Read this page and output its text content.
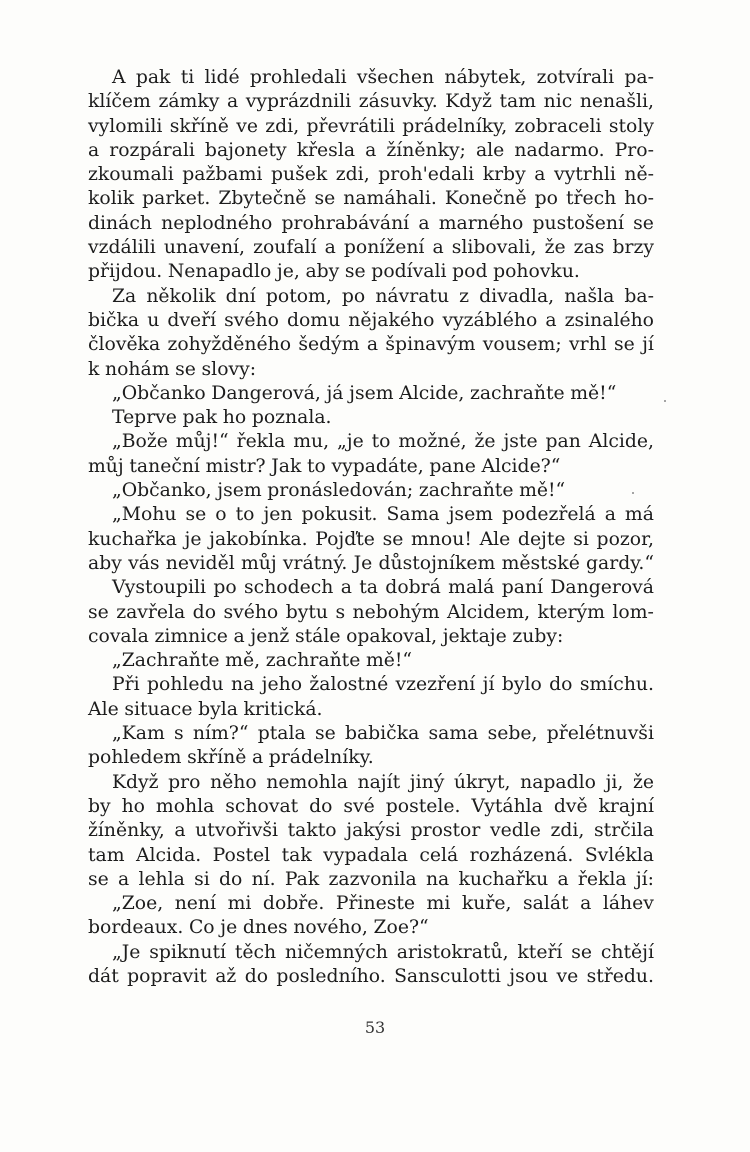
A pak ti lidé prohledali všechen nábytek, zotvírali pa-
klíčem zámky a vyprázdnili zásuvky. Když tam nic nenašli,
vylomili skříně ve zdi, převrátili prádelníky, zobraceli stoly
a rozpárali bajonety křesla a žíněnky; ale nadarmo. Pro-
zkoumali pažbami pušek zdi, proh'edali krby a vytrhli ně-
kolik parket. Zbytečně se namáhali. Konečně po třech ho-
dinách neplodného prohrabávání a marného pustošení se
vzdálili unavení, zoufalí a ponížení a slibovali, že zas brzy
přijdou. Nenapadlo je, aby se podívali pod pohovku.
Za několik dní potom, po návratu z divadla, našla ba-
bička u dveří svého domu nějakého vyzáblého a zsinalého
člověka zohyžděného šedým a špinavým vousem; vrhl se jí
k nohám se slovy:
„Občanko Dangerová, já jsem Alcide, zachraňte mě!“
Teprve pak ho poznala.
„Bože můj!“ řekla mu, „je to možné, že jste pan Alcide,
můj taneční mistr? Jak to vypadáte, pane Alcide?“
„Občanko, jsem pronásledován; zachraňte mě!“
„Mohu se o to jen pokusit. Sama jsem podezřelá a má
kuchařka je jakobínka. Pojďte se mnou! Ale dejte si pozor,
aby vás neviděl můj vrátný. Je důstojníkem městské gardy.“
Vystoupili po schodech a ta dobrá malá paní Dangerová
se zavřela do svého bytu s nebohým Alcidem, kterým lom-
covala zimnice a jenž stále opakoval, jektaje zuby:
„Zachraňte mě, zachraňte mě!“
Při pohledu na jeho žalostné vzezření jí bylo do smíchu.
Ale situace byla kritická.
„Kam s ním?“ ptala se babička sama sebe, přelétnuvši
pohledem skříně a prádelníky.
Když pro něho nemohla najít jiný úkryt, napadlo ji, že
by ho mohla schovat do své postele. Vytáhla dvě krajní
žíněnky, a utvořivši takto jakýsi prostor vedle zdi, strčila
tam Alcida. Postel tak vypadala celá rozházená. Svlékla
se a lehla si do ní. Pak zazvonila na kuchařku a řekla jí:
„Zoe, není mi dobře. Přineste mi kuře, salát a láhev
bordeaux. Co je dnes nového, Zoe?“
„Je spiknutí těch ničemných aristokratů, kteří se chtějí
dát popravit až do posledního. Sansculotti jsou ve středu.
53
